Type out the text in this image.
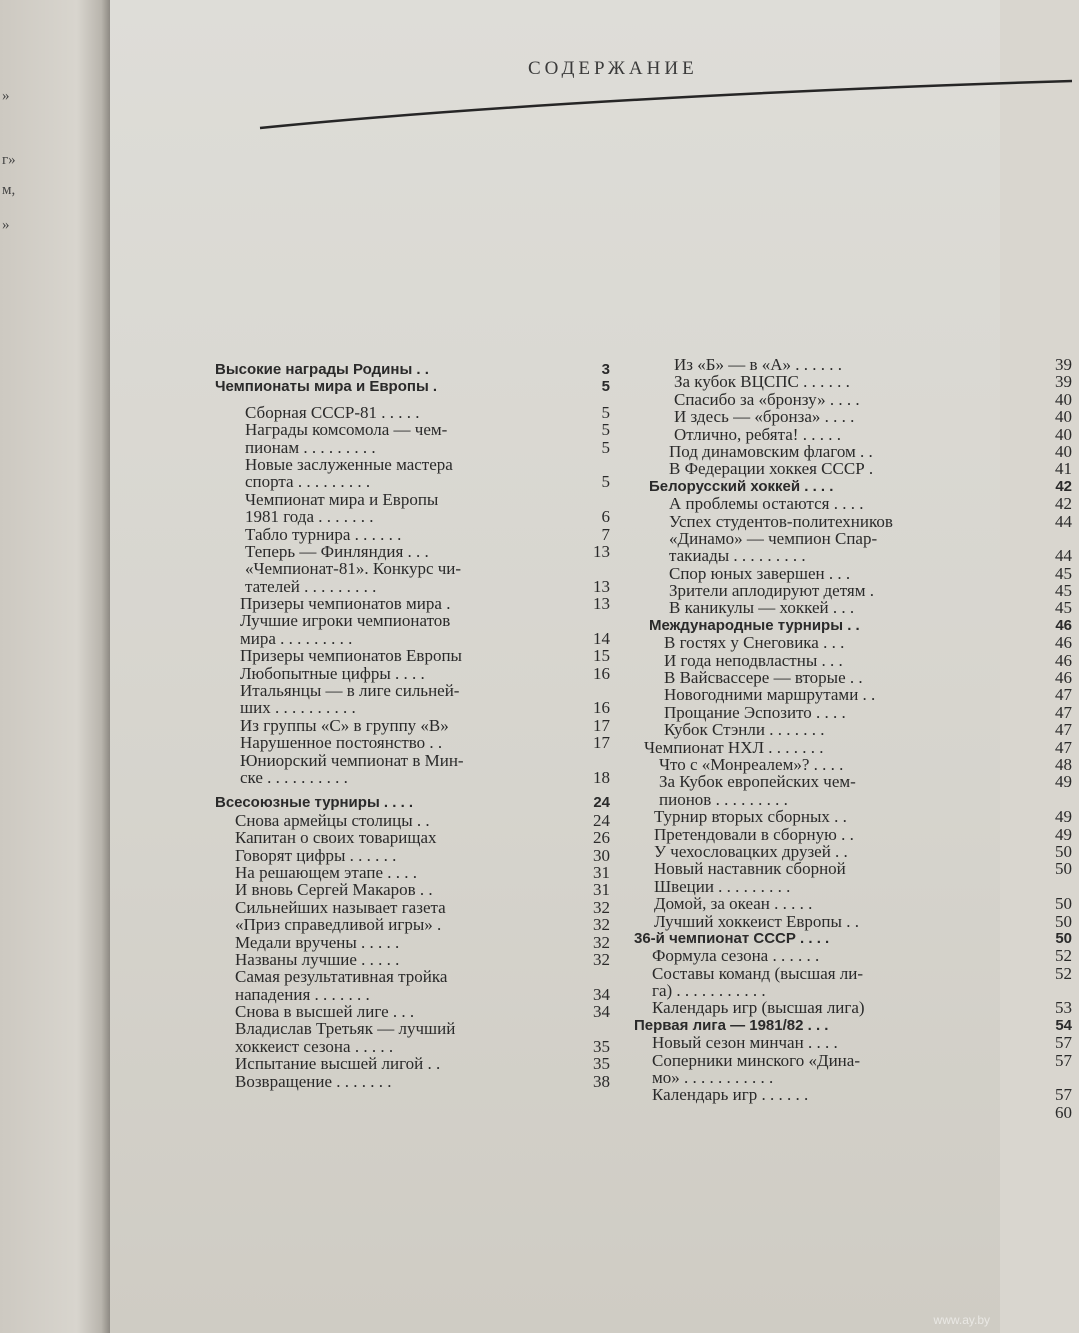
»
г»
м,
»
СОДЕРЖАНИЕ
Высокие награды Родины . .	3
Чемпионаты мира и Европы .	5
Сборная СССР-81 . . . . .	5
Награды комсомола — чем-	5
пионам . . . . . . . . .	5
Новые заслуженные мастера
спорта . . . . . . . . .	5
Чемпионат мира и Европы
1981 года . . . . . . .	6
Табло турнира . . . . . .	7
Теперь — Финляндия . . .	13
«Чемпионат-81». Конкурс чи-
тателей . . . . . . . . .	13
Призеры чемпионатов мира .	13
Лучшие игроки чемпионатов
мира . . . . . . . . .	14
Призеры чемпионатов Европы	15
Любопытные цифры . . . .	16
Итальянцы — в лиге сильней-
ших . . . . . . . . . .	16
Из группы «С» в группу «В»	17
Нарушенное постоянство . .	17
Юниорский чемпионат в Мин-
ске . . . . . . . . . .	18
Всесоюзные турниры . . . .	24
Снова армейцы столицы . .	24
Капитан о своих товарищах	26
Говорят цифры . . . . . .	30
На решающем этапе . . . .	31
И вновь Сергей Макаров . .	31
Сильнейших называет газета	32
«Приз справедливой игры» .	32
Медали вручены . . . . .	32
Названы лучшие . . . . .	32
Самая результативная тройка
нападения . . . . . . .	34
Снова в высшей лиге . . .	34
Владислав Третьяк — лучший
хоккеист сезона . . . . .	35
Испытание высшей лигой . .	35
Возвращение . . . . . . .	38
Из «Б» — в «А» . . . . . .	39
За кубок ВЦСПС . . . . . .	39
Спасибо за «бронзу» . . . .	40
И здесь — «бронза» . . . .	40
Отлично, ребята! . . . . .	40
Под динамовским флагом . .	40
В Федерации хоккея СССР .	41
Белорусский хоккей . . . .	42
А проблемы остаются . . . .	42
Успех студентов-политехников	44
«Динамо» — чемпион Спар-
такиады . . . . . . . . .	44
Спор юных завершен . . .	45
Зрители аплодируют детям .	45
В каникулы — хоккей . . .	45
Международные турниры . .	46
В гостях у Снеговика . . .	46
И года неподвластны . . .	46
В Вайсвассере — вторые . .	46
Новогодними маршрутами . .	47
Прощание Эспозито . . . .	47
Кубок Стэнли . . . . . . .	47
Чемпионат НХЛ . . . . . . .	47
Что с «Монреалем»? . . . .	48
За Кубок европейских чем-	49
пионов . . . . . . . . .
Турнир вторых сборных . .	49
Претендовали в сборную . .	49
У чехословацких друзей . .	50
Новый наставник сборной	50
Швеции . . . . . . . . .
Домой, за океан . . . . .	50
Лучший хоккеист Европы . .	50
36-й чемпионат СССР . . . .	50
Формула сезона . . . . . .	52
Составы команд (высшая ли-	52
га) . . . . . . . . . . .
Календарь игр (высшая лига)	53
Первая лига — 1981/82 . . .	54
Новый сезон минчан . . . .	57
Соперники минского «Дина-	57
мо» . . . . . . . . . . .
Календарь игр . . . . . .	57
60
www.ay.by
